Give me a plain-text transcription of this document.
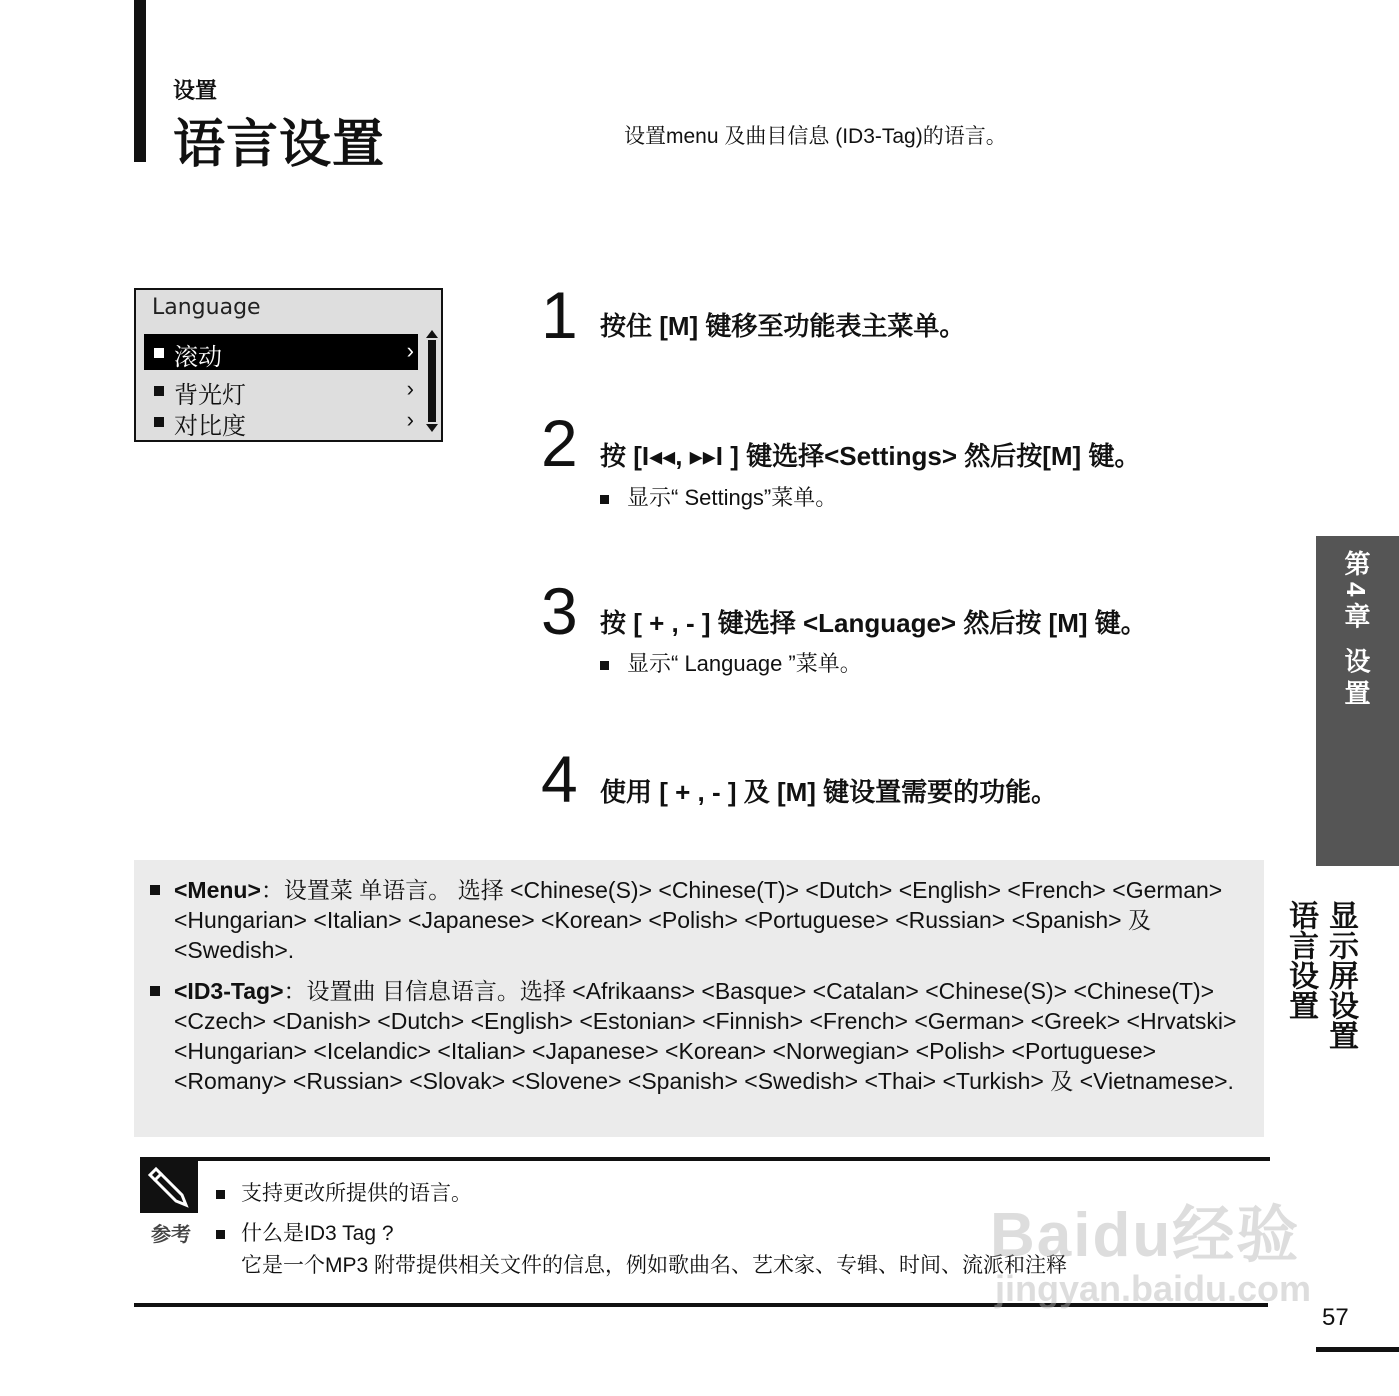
设置
语言设置	设置menu 及曲目信息 (ID3-Tag)的语言。
Language
滚动	›
背光灯	›
对比度	›
1 按住 [M] 键移至功能表主菜单。
2 按 [I◂◂, ▸▸I ] 键选择<Settings> 然后按[M] 键。
显示“ Settings”菜单。
3 按 [ + , - ] 键选择 <Language> 然后按 [M] 键。
显示“ Language ”菜单。
4 使用 [ + , - ] 及 [M] 键设置需要的功能。
<Menu>：设置菜 单语言。 选择 <Chinese(S)> <Chinese(T)> <Dutch> <English> <French> <German> <Hungarian> <Italian> <Japanese> <Korean> <Polish> <Portuguese> <Russian> <Spanish> 及 <Swedish>.
<ID3-Tag>：设置曲 目信息语言。选择 <Afrikaans> <Basque> <Catalan> <Chinese(S)> <Chinese(T)> <Czech> <Danish> <Dutch> <English> <Estonian> <Finnish> <French> <German> <Greek> <Hrvatski> <Hungarian> <Icelandic> <Italian> <Japanese> <Korean> <Norwegian> <Polish> <Portuguese> <Romany> <Russian> <Slovak> <Slovene> <Spanish> <Swedish> <Thai> <Turkish> 及 <Vietnamese>.
参考
支持更改所提供的语言。
什么是ID3 Tag ?
它是一个MP3 附带提供相关文件的信息，例如歌曲名、艺术家、专辑、时间、流派和注释
第4章 设置
显示屏设置
语言设置
Baidu经验
jingyan.baidu.com
57
